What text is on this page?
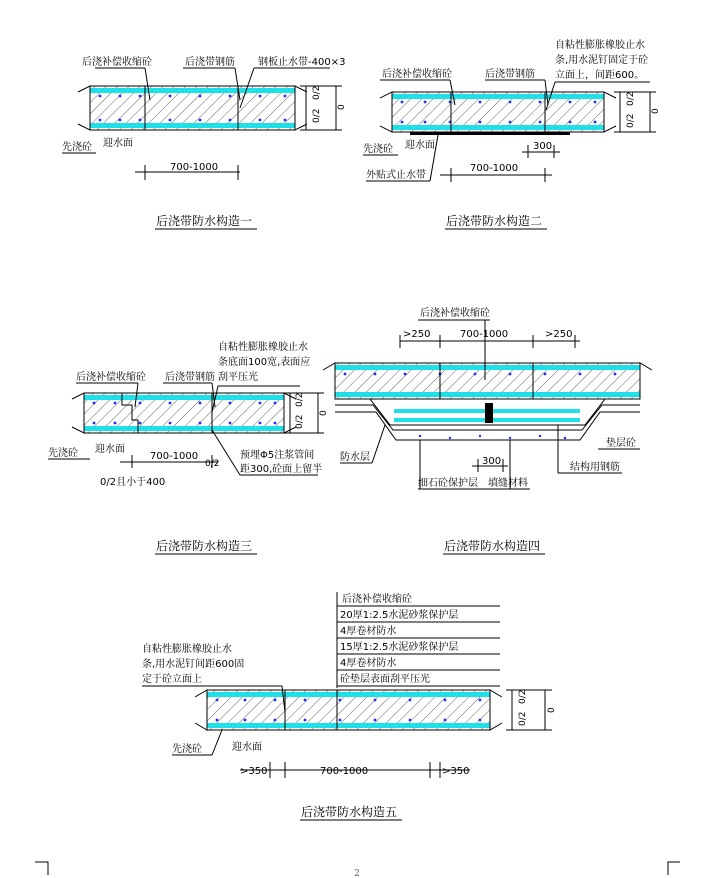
后浇补偿收缩砼	后浇带钢筋 钢板止水带-400×3
先浇砼 迎水面
700-1000
0/2
0/2
0
后浇带防水构造一
后浇补偿收缩砼	后浇带钢筋
自粘性膨胀橡胶止水
条,用水泥钉固定于砼
立面上，间距600。
先浇砼 迎水面
外贴式止水带
700-1000
300
0/2
0/2
0
后浇带防水构造二
后浇补偿收缩砼 后浇带钢筋
自粘性膨胀橡胶止水
条底面100宽,表面应
刮平压光
先浇砼 迎水面
0/2且小于400
700-1000
0/2
预埋Φ5注浆管间
距300,砼面上留半
0/2
0/2
0
后浇带防水构造三
>250	700-1000	>250
后浇补偿收缩砼
防水层
垫层砼
结构用钢筋
细石砼保护层 填缝材料
300
后浇带防水构造四
后浇补偿收缩砼
20厚1:2.5水泥砂浆保护层
4厚卷材防水
15厚1:2.5水泥砂浆保护层
4厚卷材防水
砼垫层表面刮平压光
自粘性膨胀橡胶止水
条,用水泥钉间距600固
定于砼立面上
先浇砼	迎水面
>350	700-1000	>350
0/2
0/2
0
后浇带防水构造五
2
